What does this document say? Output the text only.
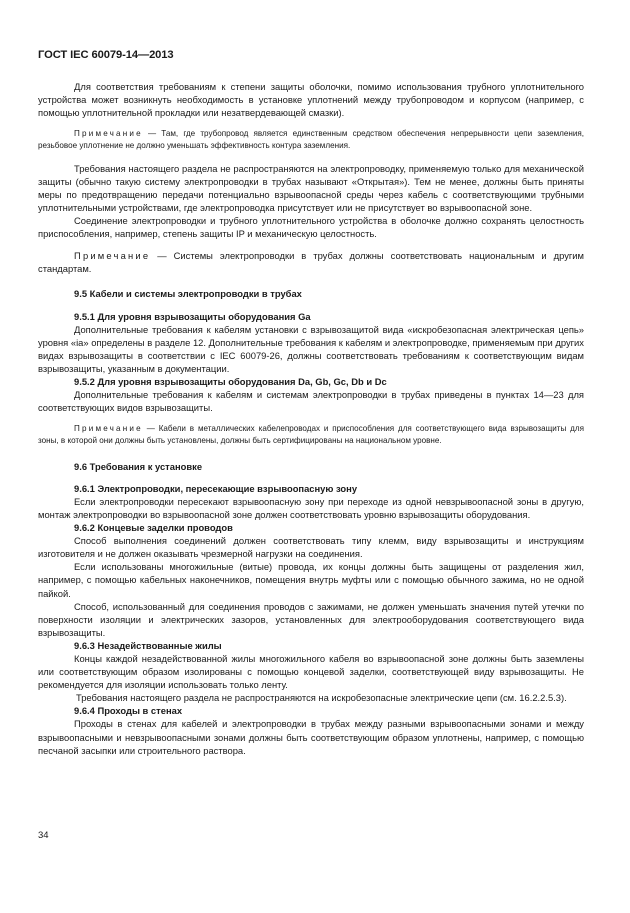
ГОСТ IEC 60079-14—2013

Для соответствия требованиям к степени защиты оболочки, помимо использования трубного уплотнительного устройства может возникнуть необходимость в установке уплотнений между трубопроводом и корпусом (например, с помощью уплотнительной прокладки или незатвердевающей смазки).

Примечание — Там, где трубопровод является единственным средством обеспечения непрерывности цепи заземления, резьбовое уплотнение не должно уменьшать эффективность контура заземления.

Требования настоящего раздела не распространяются на электропроводку, применяемую только для механической защиты (обычно такую систему электропроводки в трубах называют «Открытая»). Тем не менее, должны быть приняты меры по предотвращению передачи потенциально взрывоопасной среды через кабель с соответствующими трубными уплотнительными устройствами, где электропроводка присутствует или не присутствует во взрывоопасной зоне.

Соединение электропроводки и трубного уплотнительного устройства в оболочке должно сохранять целостность приспособления, например, степень защиты IP и механическую целостность.

Примечание — Системы электропроводки в трубах должны соответствовать национальным и другим стандартам.

9.5 Кабели и системы электропроводки в трубах

9.5.1 Для уровня взрывозащиты оборудования Ga

Дополнительные требования к кабелям установки с взрывозащитой вида «искробезопасная электрическая цепь» уровня «ia» определены в разделе 12. Дополнительные требования к кабелям и электропроводке, применяемым при других видах взрывозащиты в соответствии с IEC 60079-26, должны соответствовать требованиям к соответствующим видам взрывозащиты, указанным в документации.

9.5.2 Для уровня взрывозащиты оборудования Da, Gb, Gc, Db и Dc

Дополнительные требования к кабелям и системам электропроводки в трубах приведены в пунктах 14—23 для соответствующих видов взрывозащиты.

Примечание — Кабели в металлических кабелепроводах и приспособления для соответствующего вида взрывозащиты для зоны, в которой они должны быть установлены, должны быть сертифицированы на национальном уровне.

9.6 Требования к установке

9.6.1 Электропроводки, пересекающие взрывоопасную зону

Если электропроводки пересекают взрывоопасную зону при переходе из одной невзрывоопасной зоны в другую, монтаж электропроводки во взрывоопасной зоне должен соответствовать уровню взрывозащиты оборудования.

9.6.2 Концевые заделки проводов

Способ выполнения соединений должен соответствовать типу клемм, виду взрывозащиты и инструкциям изготовителя и не должен оказывать чрезмерной нагрузки на соединения.

Если использованы многожильные (витые) провода, их концы должны быть защищены от разделения жил, например, с помощью кабельных наконечников, помещения внутрь муфты или с помощью обычного зажима, но не одной пайкой.

Способ, использованный для соединения проводов с зажимами, не должен уменьшать значения путей утечки по поверхности изоляции и электрических зазоров, установленных для электрооборудования соответствующего вида взрывозащиты.

9.6.3 Незадействованные жилы

Концы каждой незадействованной жилы многожильного кабеля во взрывоопасной зоне должны быть заземлены или соответствующим образом изолированы с помощью концевой заделки, соответствующей виду взрывозащиты. Не рекомендуется для изоляции использовать только ленту.

Требования настоящего раздела не распространяются на искробезопасные электрические цепи (см. 16.2.2.5.3).

9.6.4 Проходы в стенах

Проходы в стенах для кабелей и электропроводки в трубах между разными взрывоопасными зонами и между взрывоопасными и невзрывоопасными зонами должны быть соответствующим образом уплотнены, например, с помощью песчаной засыпки или строительного раствора.

34
